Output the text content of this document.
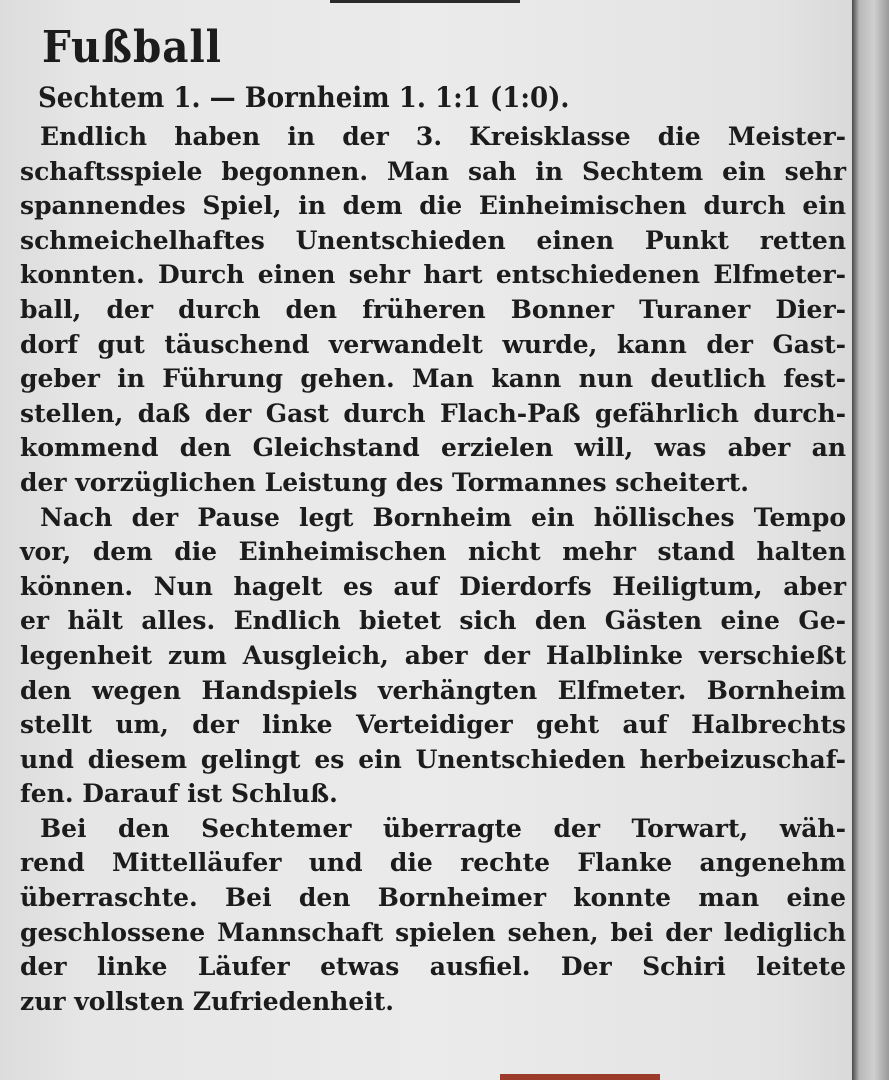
Fußball
Sechtem 1. — Bornheim 1. 1:1 (1:0).
Endlich haben in der 3. Kreisklasse die Meister-
schaftsspiele begonnen. Man sah in Sechtem ein sehr
spannendes Spiel, in dem die Einheimischen durch ein
schmeichelhaftes Unentschieden einen Punkt retten
konnten. Durch einen sehr hart entschiedenen Elfmeter-
ball, der durch den früheren Bonner Turaner Dier-
dorf gut täuschend verwandelt wurde, kann der Gast-
geber in Führung gehen. Man kann nun deutlich fest-
stellen, daß der Gast durch Flach-Paß gefährlich durch-
kommend den Gleichstand erzielen will, was aber an
der vorzüglichen Leistung des Tormannes scheitert.
Nach der Pause legt Bornheim ein höllisches Tempo
vor, dem die Einheimischen nicht mehr stand halten
können. Nun hagelt es auf Dierdorfs Heiligtum, aber
er hält alles. Endlich bietet sich den Gästen eine Ge-
legenheit zum Ausgleich, aber der Halblinke verschießt
den wegen Handspiels verhängten Elfmeter. Bornheim
stellt um, der linke Verteidiger geht auf Halbrechts
und diesem gelingt es ein Unentschieden herbeizuschaf-
fen. Darauf ist Schluß.
Bei den Sechtemer überragte der Torwart, wäh-
rend Mittelläufer und die rechte Flanke angenehm
überraschte. Bei den Bornheimer konnte man eine
geschlossene Mannschaft spielen sehen, bei der lediglich
der linke Läufer etwas ausfiel. Der Schiri leitete
zur vollsten Zufriedenheit.
